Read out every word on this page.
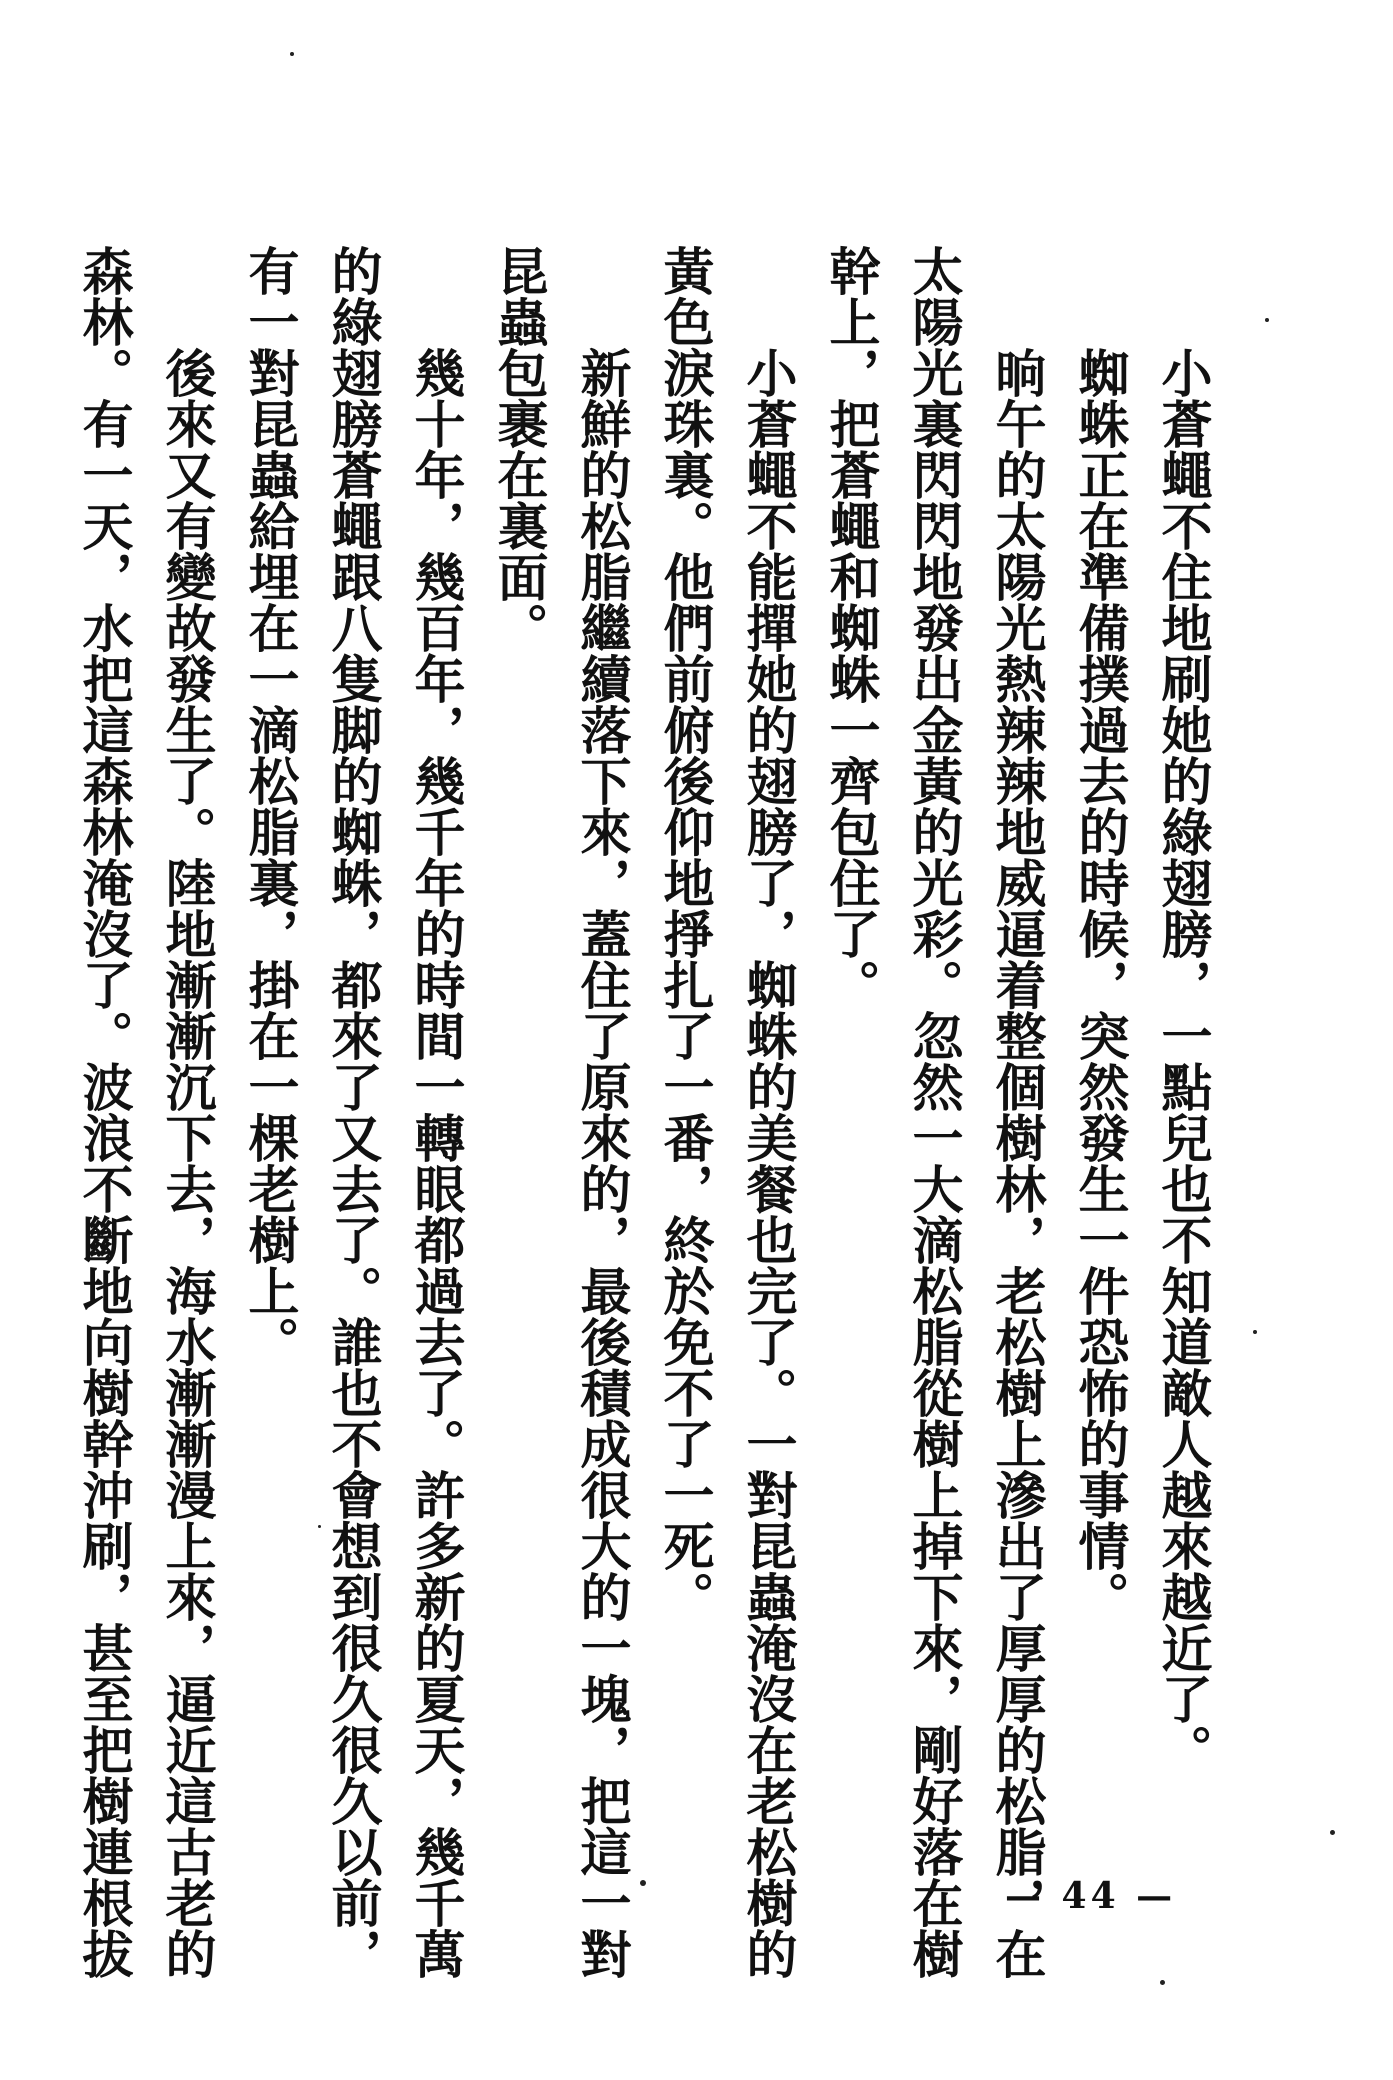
小蒼蠅不住地刷她的綠翅膀，一點兒也不知道敵人越來越近了。
蜘蛛正在準備撲過去的時候，突然發生一件恐怖的事情。
晌午的太陽光熱辣辣地威逼着整個樹林，老松樹上滲出了厚厚的松脂，在
太陽光裏閃閃地發出金黃的光彩。忽然一大滴松脂從樹上掉下來，剛好落在樹
幹上，把蒼蠅和蜘蛛一齊包住了。
小蒼蠅不能撣她的翅膀了，蜘蛛的美餐也完了。一對昆蟲淹沒在老松樹的
黃色淚珠裏。他們前俯後仰地掙扎了一番，終於免不了一死。
新鮮的松脂繼續落下來，蓋住了原來的，最後積成很大的一塊，把這一對
昆蟲包裹在裏面。
幾十年，幾百年，幾千年的時間一轉眼都過去了。許多新的夏天，幾千萬
的綠翅膀蒼蠅跟八隻脚的蜘蛛，都來了又去了。誰也不會想到很久很久以前，
有一對昆蟲給埋在一滴松脂裏，掛在一棵老樹上。
後來又有變故發生了。陸地漸漸沉下去，海水漸漸漫上來，逼近這古老的
森林。有一天，水把這森林淹沒了。波浪不斷地向樹幹沖刷，甚至把樹連根拔	— 44 —
